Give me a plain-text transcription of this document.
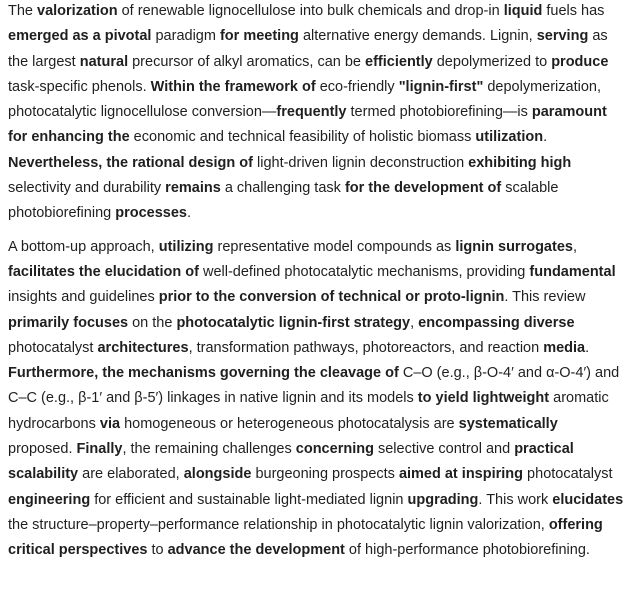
The valorization of renewable lignocellulose into bulk chemicals and drop-in liquid fuels has emerged as a pivotal paradigm for meeting alternative energy demands. Lignin, serving as the largest natural precursor of alkyl aromatics, can be efficiently depolymerized to produce task-specific phenols. Within the framework of eco-friendly "lignin-first" depolymerization, photocatalytic lignocellulose conversion—frequently termed photobiorefining—is paramount for enhancing the economic and technical feasibility of holistic biomass utilization. Nevertheless, the rational design of light-driven lignin deconstruction exhibiting high selectivity and durability remains a challenging task for the development of scalable photobiorefining processes.

A bottom-up approach, utilizing representative model compounds as lignin surrogates, facilitates the elucidation of well-defined photocatalytic mechanisms, providing fundamental insights and guidelines prior to the conversion of technical or proto-lignin. This review primarily focuses on the photocatalytic lignin-first strategy, encompassing diverse photocatalyst architectures, transformation pathways, photoreactors, and reaction media. Furthermore, the mechanisms governing the cleavage of C–O (e.g., β-O-4′ and α-O-4′) and C–C (e.g., β-1′ and β-5′) linkages in native lignin and its models to yield lightweight aromatic hydrocarbons via homogeneous or heterogeneous photocatalysis are systematically proposed. Finally, the remaining challenges concerning selective control and practical scalability are elaborated, alongside burgeoning prospects aimed at inspiring photocatalyst engineering for efficient and sustainable light-mediated lignin upgrading. This work elucidates the structure–property–performance relationship in photocatalytic lignin valorization, offering critical perspectives to advance the development of high-performance photobiorefining.
